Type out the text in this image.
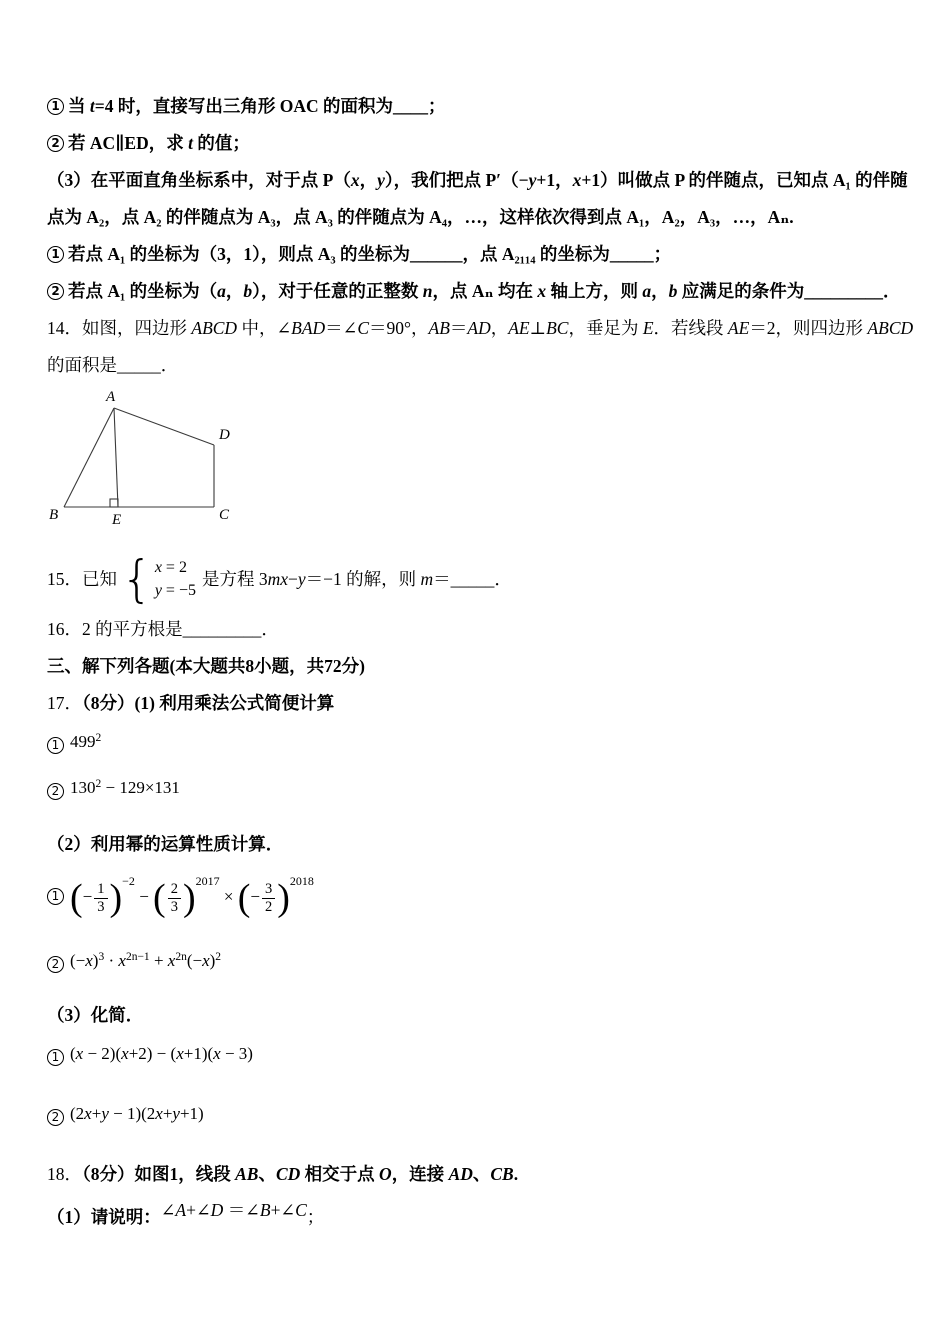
1 当 t=4 时，直接写出三角形 OAC 的面积为____；

2 若 AC∥ED，求 t 的值；

（3）在平面直角坐标系中，对于点 P（x，y），我们把点 P′（−y+1，x+1）叫做点 P 的伴随点，已知点 A₁ 的伴随

点为 A₂，点 A₂ 的伴随点为 A₃，点 A₃ 的伴随点为 A₄，…，这样依次得到点 A₁，A₂，A₃，…，Aₙ.

1 若点 A₁ 的坐标为（3，1），则点 A₃ 的坐标为______，点 A₂₁₁₄ 的坐标为_____；

2 若点 A₁ 的坐标为（a，b），对于任意的正整数 n，点 Aₙ 均在 x 轴上方，则 a，b 应满足的条件为_________．

14．如图，四边形 ABCD 中，∠BAD＝∠C＝90°，AB＝AD，AE⊥BC，垂足为 E．若线段 AE＝2，则四边形 ABCD

的面积是_____．

A
B	E	C
D

15．已知 { x = 2
y = −5
是方程 3mx−y＝−1 的解，则 m＝_____．

16．2 的平方根是_________．

三、解下列各题(本大题共8小题，共72分)

17．（8分）(1) 利用乘法公式简便计算

1 $499^2$
2 $130^2 - 129\times 131$

（2）利用幂的运算性质计算．

1 (− $\frac{1}{3} )^{-2}$ − ( $\frac{2}{3} )^{2017}$ × (− $\frac{3}{2} )^{2018}$
2 $(-x)^3 \cdot x^{2n-1} + x^{2n}(-x)^2$

（3）化简．

1 (x − 2)(x+2) − (x+1)(x − 3)
2 (2x+y − 1)(2x+y+1)

18．（8分）如图1，线段 AB、CD 相交于点 O，连接 AD、CB.

（1）请说明： ∠A+∠D ＝∠B+∠C ；
